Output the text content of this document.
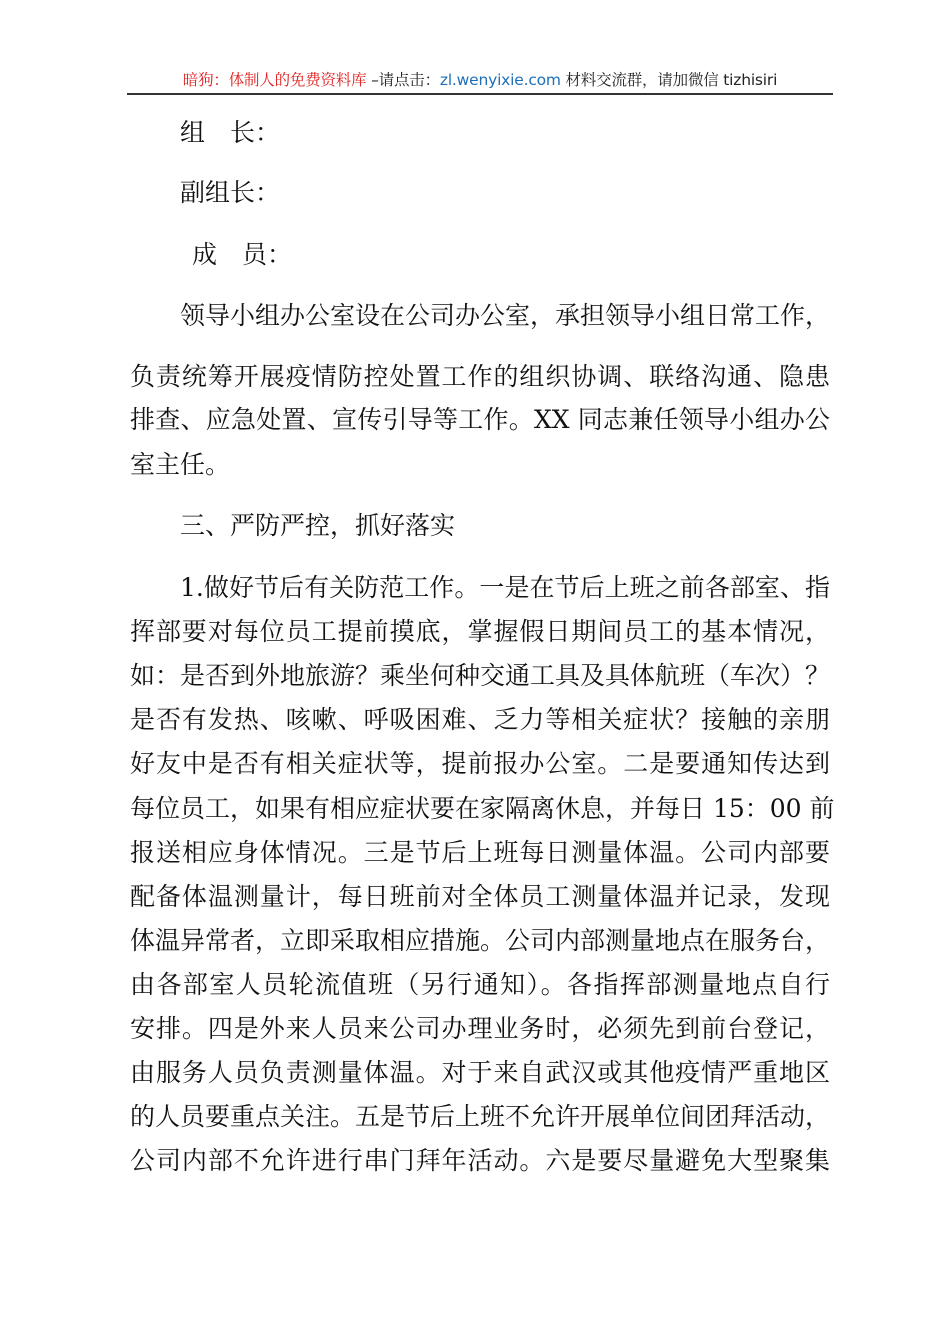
暗狗：体制人的免费资料库 –请点击：zl.wenyixie.com 材料交流群，请加微信 tizhisiri
组　长：
副组长：
成　员：
领导小组办公室设在公司办公室，承担领导小组日常工作，
负责统筹开展疫情防控处置工作的组织协调、联络沟通、隐患
排查、应急处置、宣传引导等工作。XX 同志兼任领导小组办公
室主任。
三、严防严控，抓好落实
1.做好节后有关防范工作。一是在节后上班之前各部室、指
挥部要对每位员工提前摸底，掌握假日期间员工的基本情况，
如：是否到外地旅游？乘坐何种交通工具及具体航班（车次）？
是否有发热、咳嗽、呼吸困难、乏力等相关症状？接触的亲朋
好友中是否有相关症状等，提前报办公室。二是要通知传达到
每位员工，如果有相应症状要在家隔离休息，并每日 15：00 前
报送相应身体情况。三是节后上班每日测量体温。公司内部要
配备体温测量计，每日班前对全体员工测量体温并记录，发现
体温异常者，立即采取相应措施。公司内部测量地点在服务台，
由各部室人员轮流值班（另行通知）。各指挥部测量地点自行
安排。四是外来人员来公司办理业务时，必须先到前台登记，
由服务人员负责测量体温。对于来自武汉或其他疫情严重地区
的人员要重点关注。五是节后上班不允许开展单位间团拜活动，
公司内部不允许进行串门拜年活动。六是要尽量避免大型聚集
